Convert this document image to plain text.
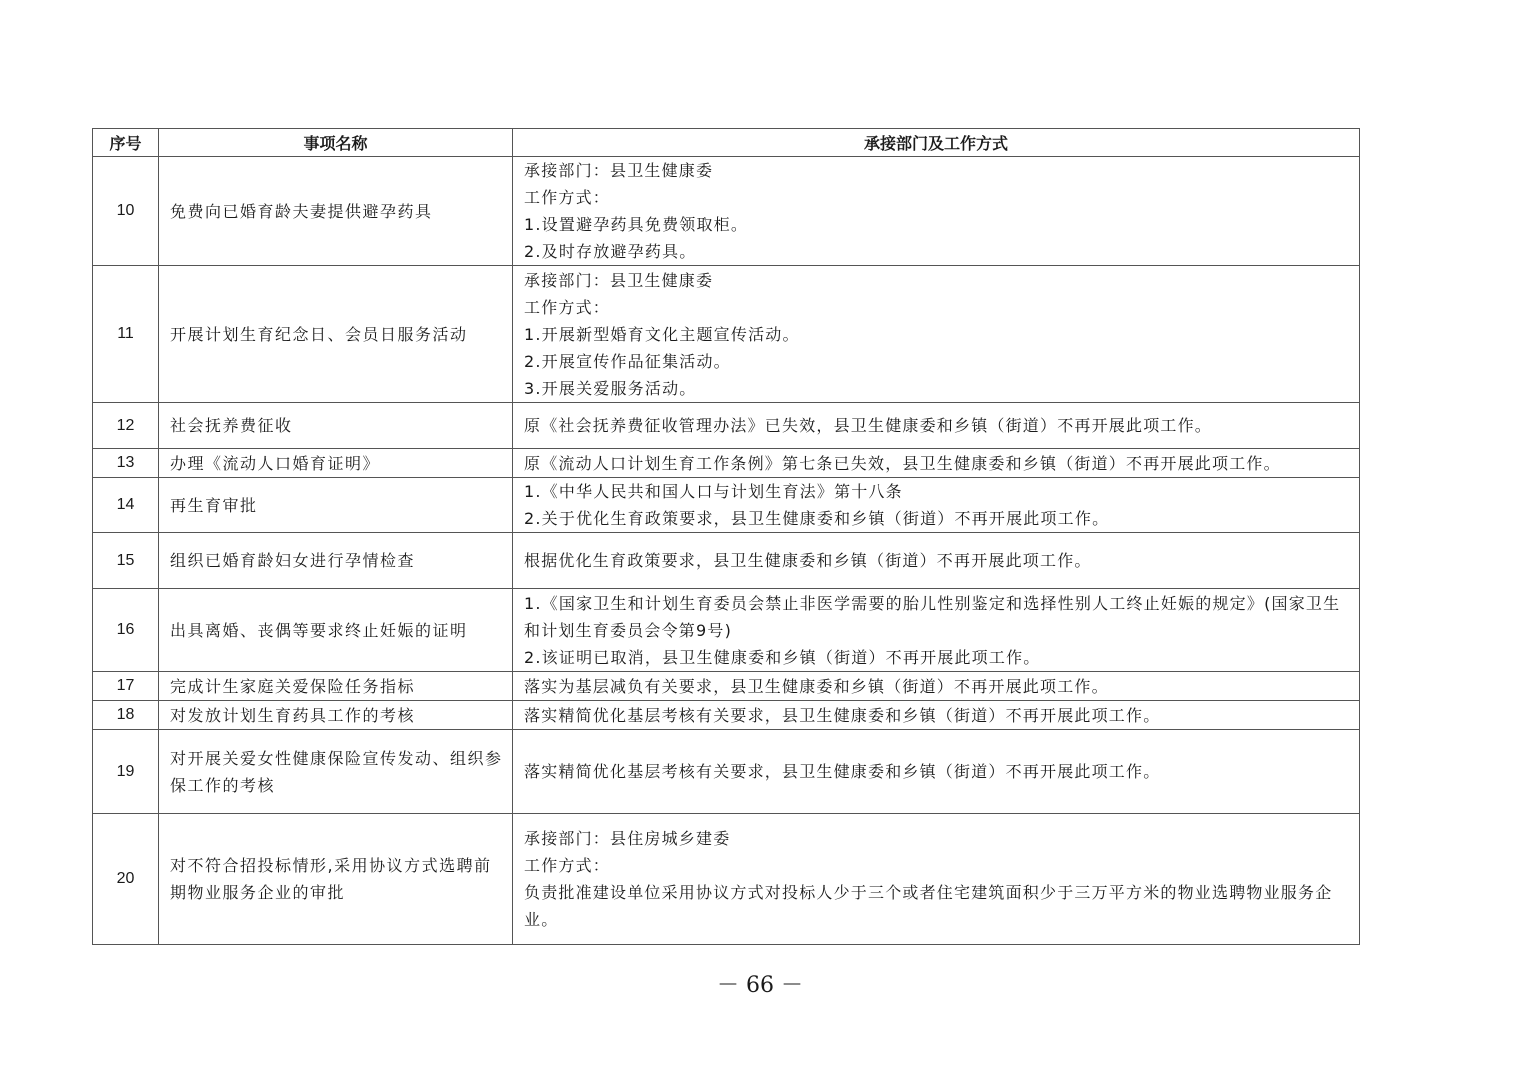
序号	事项名称	承接部门及工作方式
10	免费向已婚育龄夫妻提供避孕药具	承接部门：县卫生健康委
工作方式：
1.设置避孕药具免费领取柜。
2.及时存放避孕药具。

11	开展计划生育纪念日、会员日服务活动	承接部门：县卫生健康委
工作方式：
1.开展新型婚育文化主题宣传活动。
2.开展宣传作品征集活动。
3.开展关爱服务活动。

12	社会抚养费征收	原《社会抚养费征收管理办法》已失效，县卫生健康委和乡镇（街道）不再开展此项工作。

13	办理《流动人口婚育证明》	原《流动人口计划生育工作条例》第七条已失效，县卫生健康委和乡镇（街道）不再开展此项工作。

14	再生育审批	1.《中华人民共和国人口与计划生育法》第十八条
2.关于优化生育政策要求，县卫生健康委和乡镇（街道）不再开展此项工作。

15	组织已婚育龄妇女进行孕情检查	根据优化生育政策要求，县卫生健康委和乡镇（街道）不再开展此项工作。

16	出具离婚、丧偶等要求终止妊娠的证明	1.《国家卫生和计划生育委员会禁止非医学需要的胎儿性别鉴定和选择性别人工终止妊娠的规定》(国家卫生和计划生育委员会令第9号)
2.该证明已取消，县卫生健康委和乡镇（街道）不再开展此项工作。

17	完成计生家庭关爱保险任务指标	落实为基层减负有关要求，县卫生健康委和乡镇（街道）不再开展此项工作。

18	对发放计划生育药具工作的考核	落实精简优化基层考核有关要求，县卫生健康委和乡镇（街道）不再开展此项工作。

19	对开展关爱女性健康保险宣传发动、组织参保工作的考核	落实精简优化基层考核有关要求，县卫生健康委和乡镇（街道）不再开展此项工作。

20	对不符合招投标情形,采用协议方式选聘前期物业服务企业的审批	承接部门：县住房城乡建委
工作方式：
负责批准建设单位采用协议方式对投标人少于三个或者住宅建筑面积少于三万平方米的物业选聘物业服务企业。
－ 66 －
